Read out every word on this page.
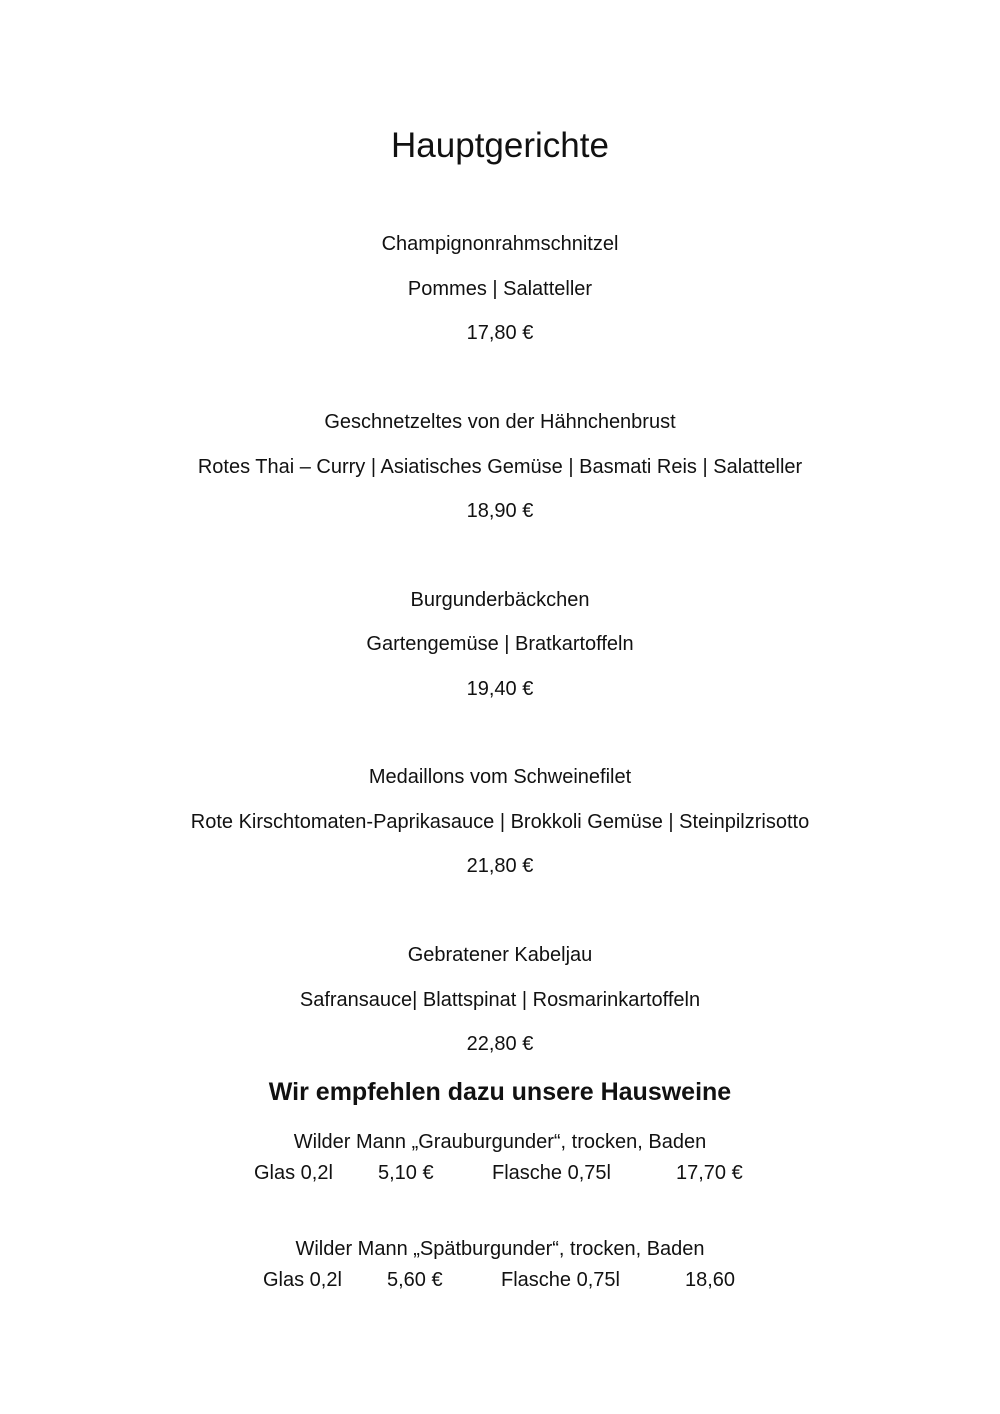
Hauptgerichte
Champignonrahmschnitzel
Pommes | Salatteller
17,80 €
Geschnetzeltes von der Hähnchenbrust
Rotes Thai – Curry | Asiatisches Gemüse | Basmati Reis | Salatteller
18,90 €
Burgunderbäckchen
Gartengemüse | Bratkartoffeln
19,40 €
Medaillons vom Schweinefilet
Rote Kirschtomaten-Paprikasauce | Brokkoli Gemüse | Steinpilzrisotto
21,80 €
Gebratener Kabeljau
Safransauce| Blattspinat | Rosmarinkartoffeln
22,80 €
Wir empfehlen dazu unsere Hausweine
Wilder Mann „Grauburgunder“, trocken, Baden
Glas 0,2l 5,10 €	Flasche 0,75l	17,70 €
Wilder Mann „Spätburgunder“, trocken, Baden
Glas 0,2l 5,60 €	Flasche 0,75l	18,60
